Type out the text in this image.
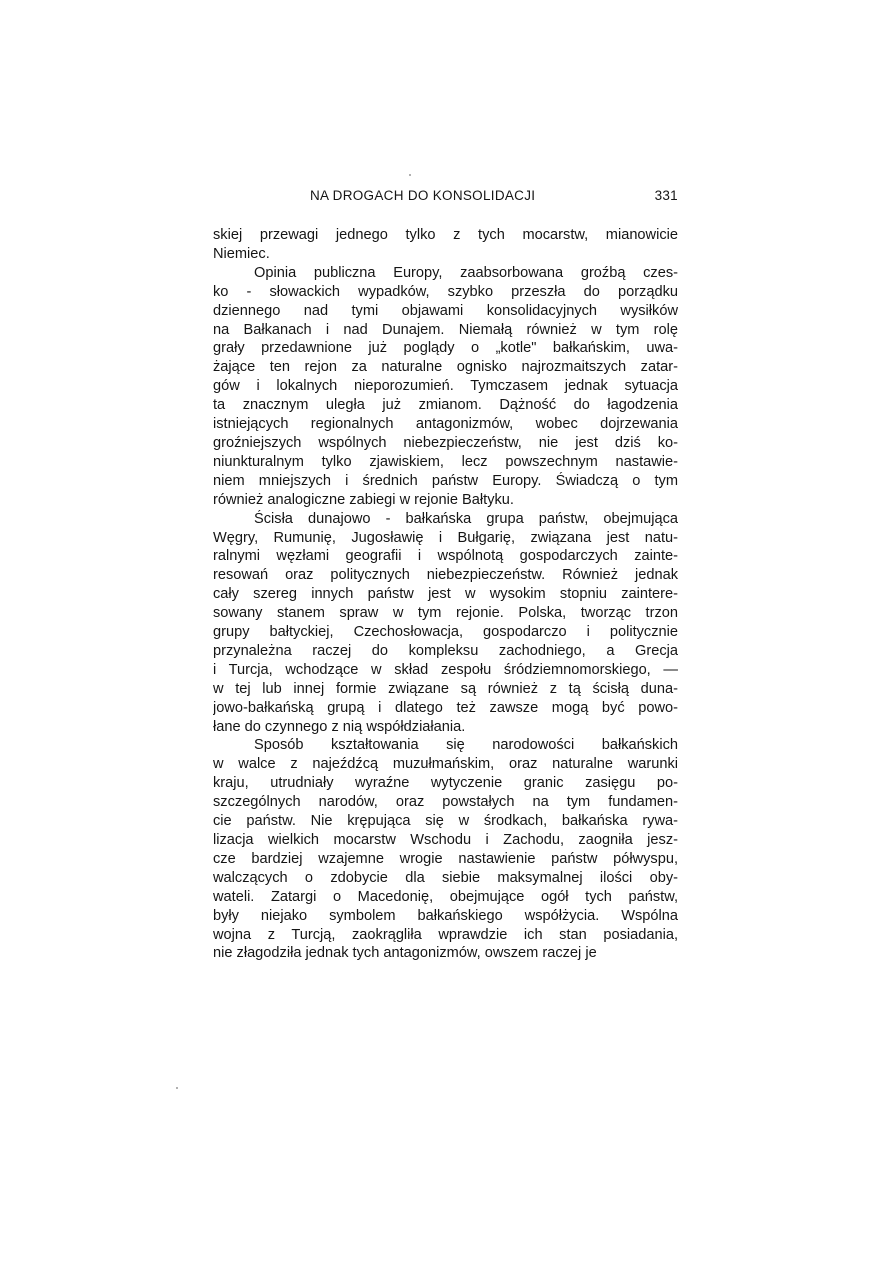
NA DROGACH DO KONSOLIDACJI	331
skiej przewagi jednego tylko z tych mocarstw, mianowicie
Niemiec.
Opinia publiczna Europy, zaabsorbowana groźbą czes-
ko - słowackich wypadków, szybko przeszła do porządku
dziennego nad tymi objawami konsolidacyjnych wysiłków
na Bałkanach i nad Dunajem. Niemałą również w tym rolę
grały przedawnione już poglądy o „kotle" bałkańskim, uwa-
żające ten rejon za naturalne ognisko najrozmaitszych zatar-
gów i lokalnych nieporozumień. Tymczasem jednak sytuacja
ta znacznym uległa już zmianom. Dążność do łagodzenia
istniejących regionalnych antagonizmów, wobec dojrzewania
groźniejszych wspólnych niebezpieczeństw, nie jest dziś ko-
niunkturalnym tylko zjawiskiem, lecz powszechnym nastawie-
niem mniejszych i średnich państw Europy. Świadczą o tym
również analogiczne zabiegi w rejonie Bałtyku.
Ścisła dunajowo - bałkańska grupa państw, obejmująca
Węgry, Rumunię, Jugosławię i Bułgarię, związana jest natu-
ralnymi węzłami geografii i wspólnotą gospodarczych zainte-
resowań oraz politycznych niebezpieczeństw. Również jednak
cały szereg innych państw jest w wysokim stopniu zaintere-
sowany stanem spraw w tym rejonie. Polska, tworząc trzon
grupy bałtyckiej, Czechosłowacja, gospodarczo i politycznie
przynależna raczej do kompleksu zachodniego, a Grecja
i Turcja, wchodzące w skład zespołu śródziemnomorskiego, —
w tej lub innej formie związane są również z tą ścisłą duna-
jowo-bałkańską grupą i dlatego też zawsze mogą być powo-
łane do czynnego z nią współdziałania.
Sposób kształtowania się narodowości bałkańskich
w walce z najeźdźcą muzułmańskim, oraz naturalne warunki
kraju, utrudniały wyraźne wytyczenie granic zasięgu po-
szczególnych narodów, oraz powstałych na tym fundamen-
cie państw. Nie krępująca się w środkach, bałkańska rywa-
lizacja wielkich mocarstw Wschodu i Zachodu, zaogniła jesz-
cze bardziej wzajemne wrogie nastawienie państw półwyspu,
walczących o zdobycie dla siebie maksymalnej ilości oby-
wateli. Zatargi o Macedonię, obejmujące ogół tych państw,
były niejako symbolem bałkańskiego współżycia. Wspólna
wojna z Turcją, zaokrągliła wprawdzie ich stan posiadania,
nie złagodziła jednak tych antagonizmów, owszem raczej je
